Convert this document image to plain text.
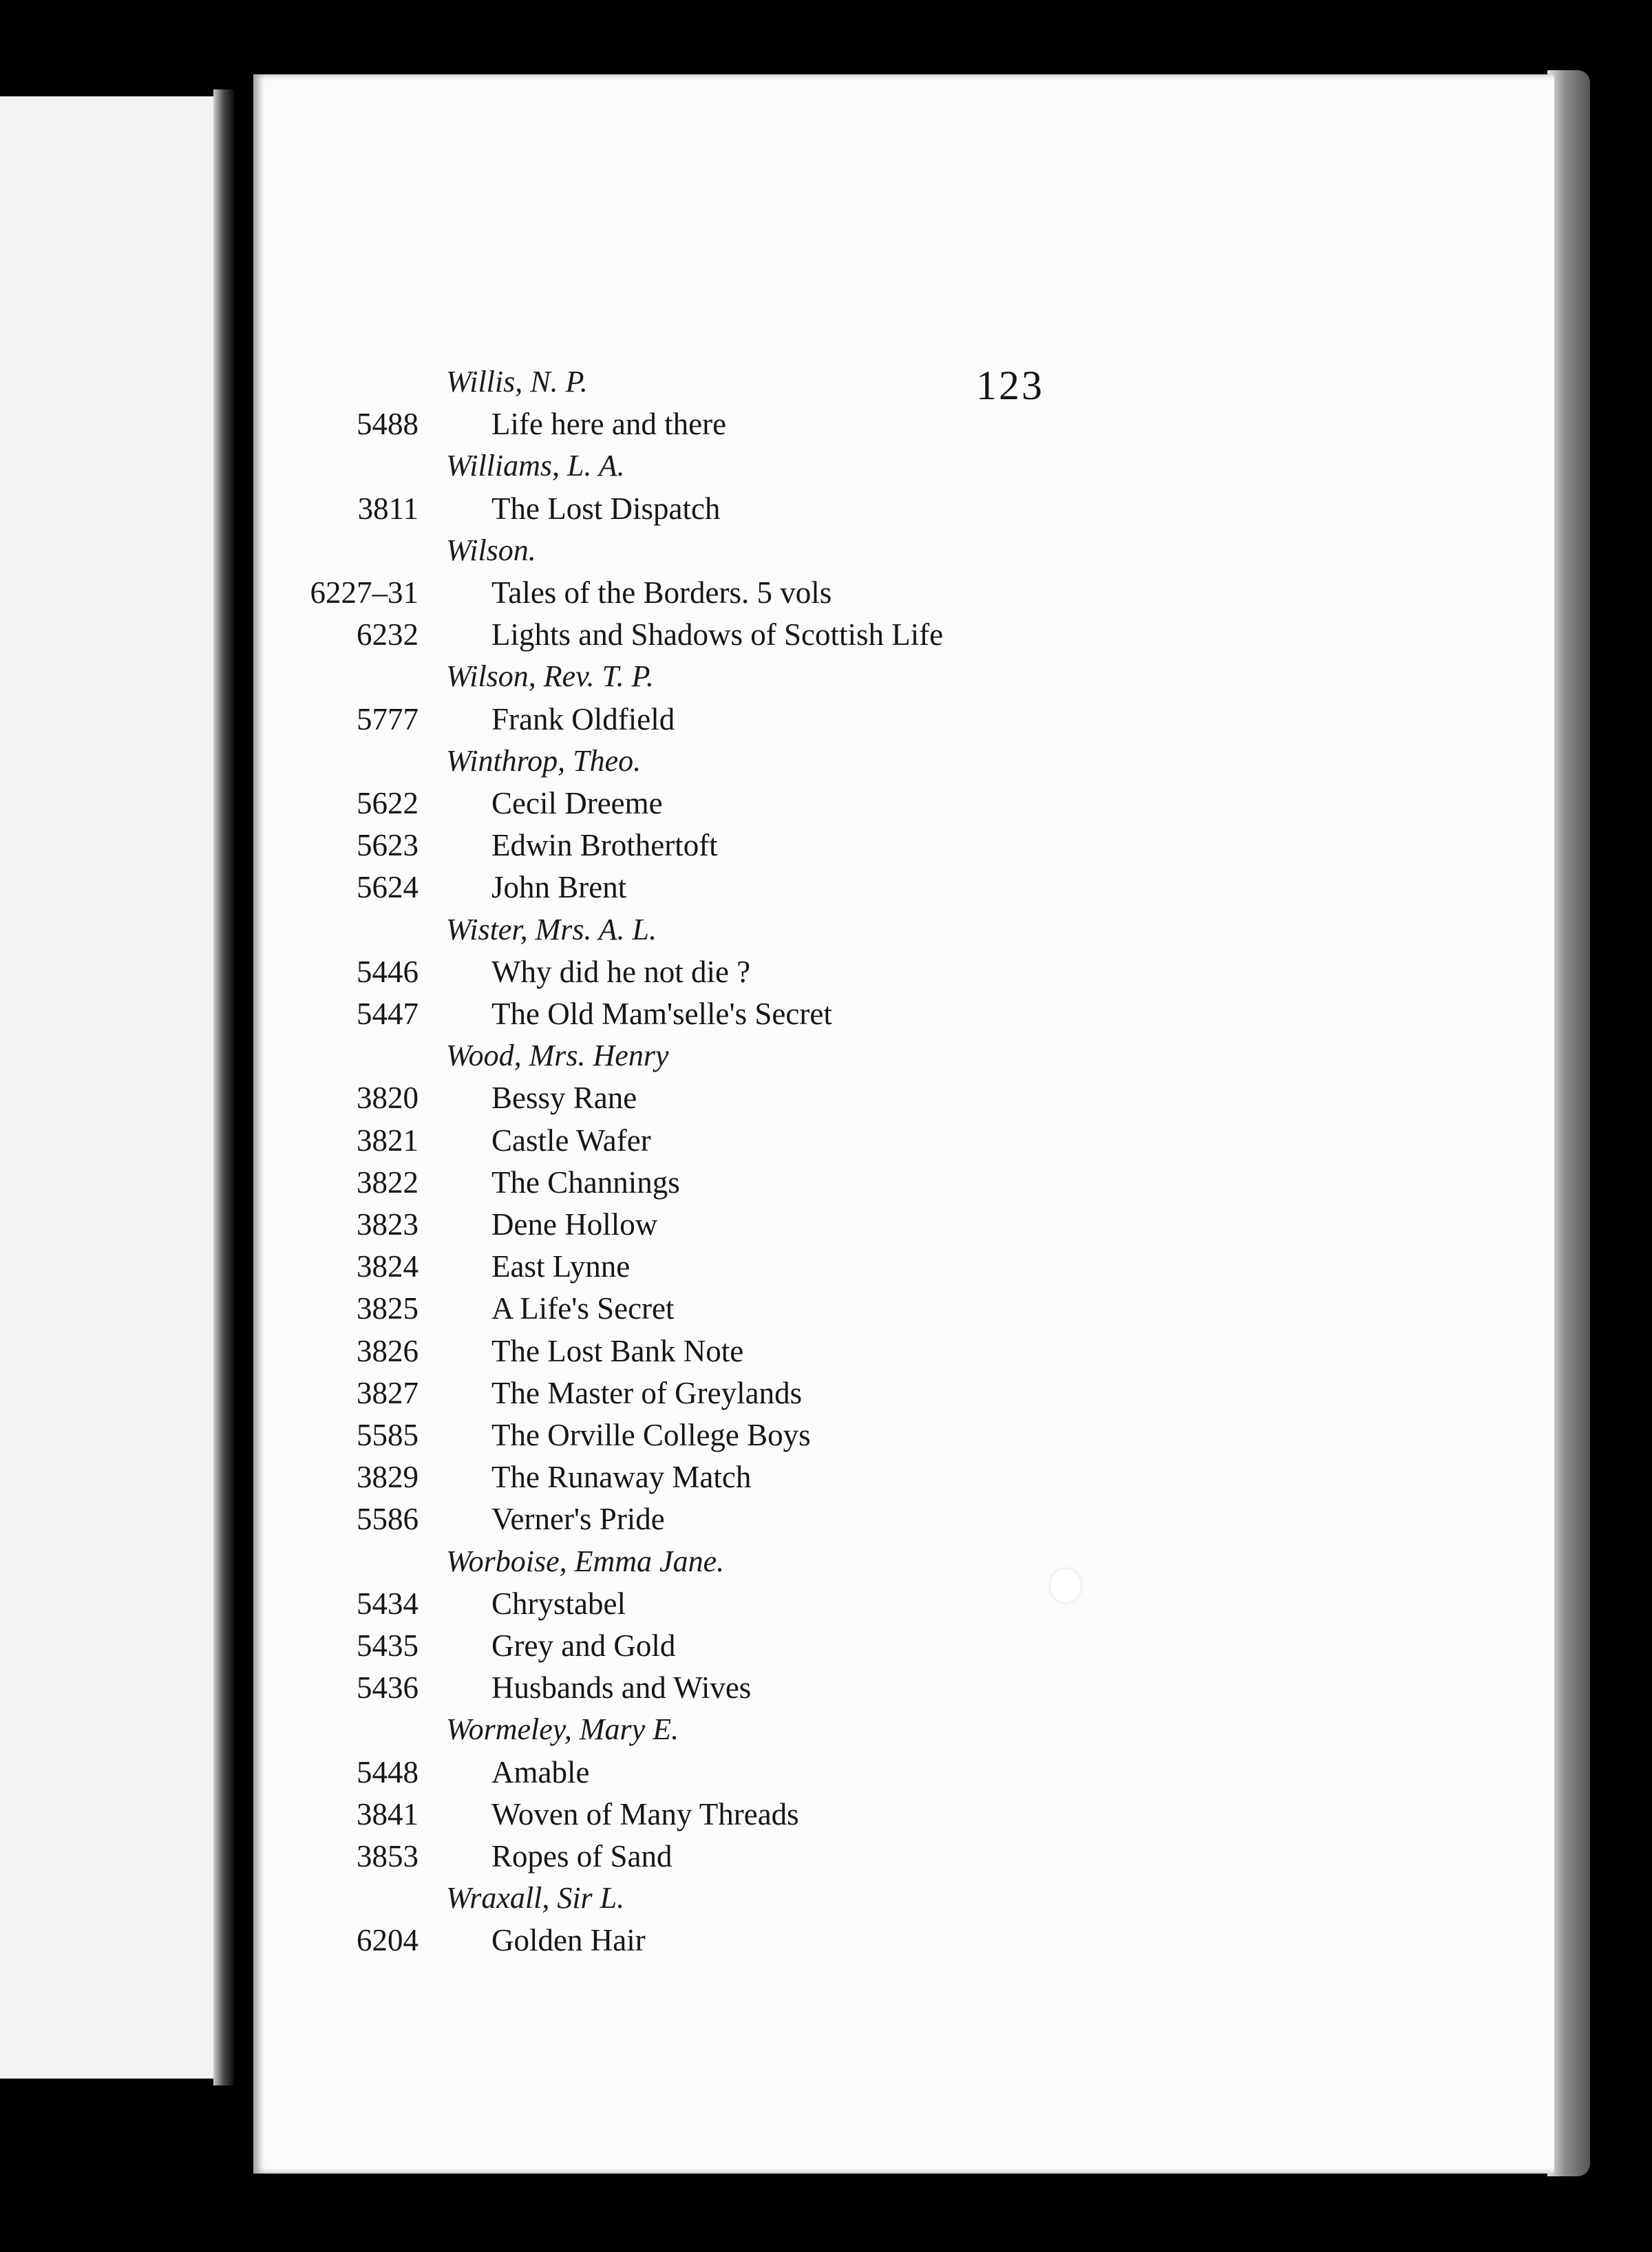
123
Willis, N. P.
5488 Life here and there
Williams, L. A.
3811 The Lost Dispatch
Wilson.
6227–31 Tales of the Borders. 5 vols
6232 Lights and Shadows of Scottish Life
Wilson, Rev. T. P.
5777 Frank Oldfield
Winthrop, Theo.
5622 Cecil Dreeme
5623 Edwin Brothertoft
5624 John Brent
Wister, Mrs. A. L.
5446 Why did he not die ?
5447 The Old Mam'selle's Secret
Wood, Mrs. Henry
3820 Bessy Rane
3821 Castle Wafer
3822 The Channings
3823 Dene Hollow
3824 East Lynne
3825 A Life's Secret
3826 The Lost Bank Note
3827 The Master of Greylands
5585 The Orville College Boys
3829 The Runaway Match
5586 Verner's Pride
Worboise, Emma Jane.
5434 Chrystabel
5435 Grey and Gold
5436 Husbands and Wives
Wormeley, Mary E.
5448 Amable
3841 Woven of Many Threads
3853 Ropes of Sand
Wraxall, Sir L.
6204 Golden Hair
